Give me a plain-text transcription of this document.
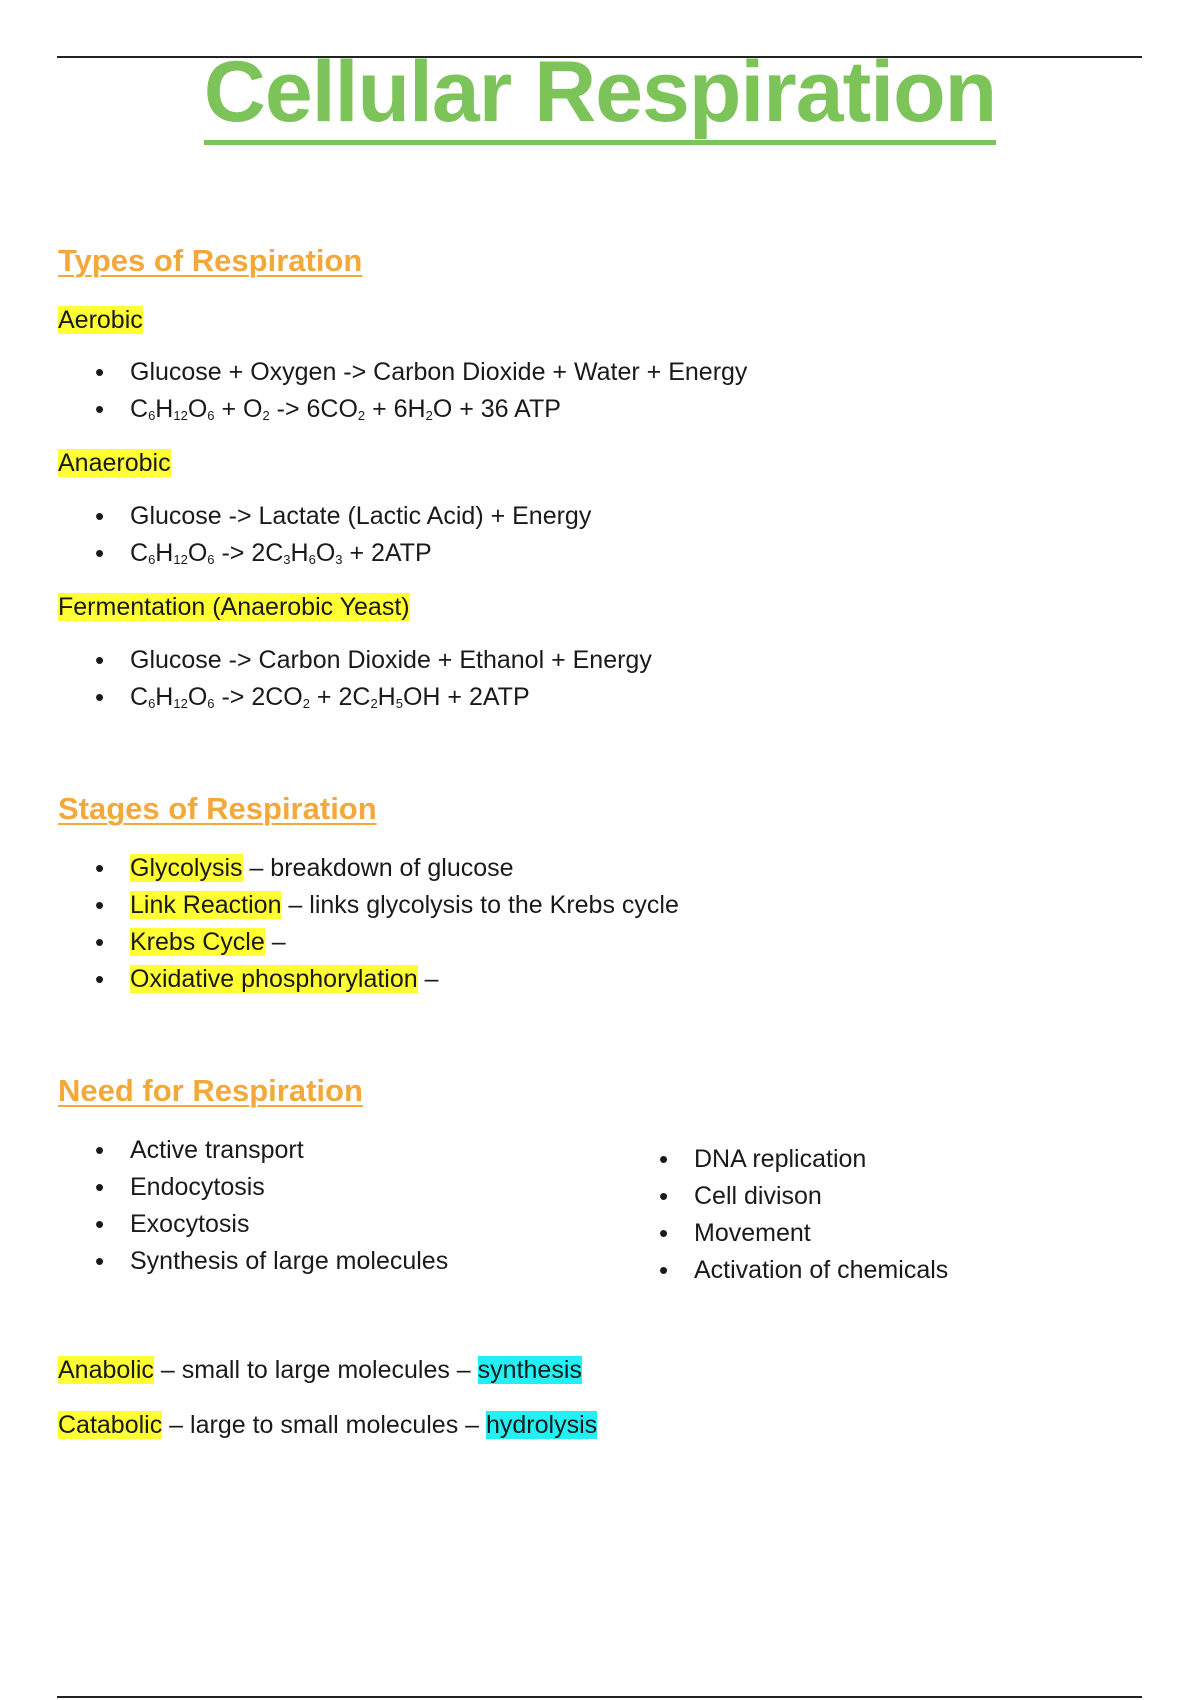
Cellular Respiration
Types of Respiration
Aerobic
• Glucose + Oxygen -> Carbon Dioxide + Water + Energy
• $C_6H_{12}O_6 + O_2 -> 6CO_2 + 6H_2O + 36$ ATP
Anaerobic
• Glucose -> Lactate (Lactic Acid) + Energy
• $C_6H_{12}O_6 -> 2C_3H_6O_3 + 2ATP$
Fermentation (Anaerobic Yeast)
• Glucose -> Carbon Dioxide + Ethanol + Energy
• $C_6H_{12}O_6 -> 2CO_2 + 2C_2H_5OH + 2ATP$
Stages of Respiration
• Glycolysis – breakdown of glucose
• Link Reaction – links glycolysis to the Krebs cycle
• Krebs Cycle –
• Oxidative phosphorylation –
Need for Respiration
• Active transport
• Endocytosis
• Exocytosis
• Synthesis of large molecules
• DNA replication
• Cell divison
• Movement
• Activation of chemicals
Anabolic – small to large molecules – synthesis
Catabolic – large to small molecules – hydrolysis
